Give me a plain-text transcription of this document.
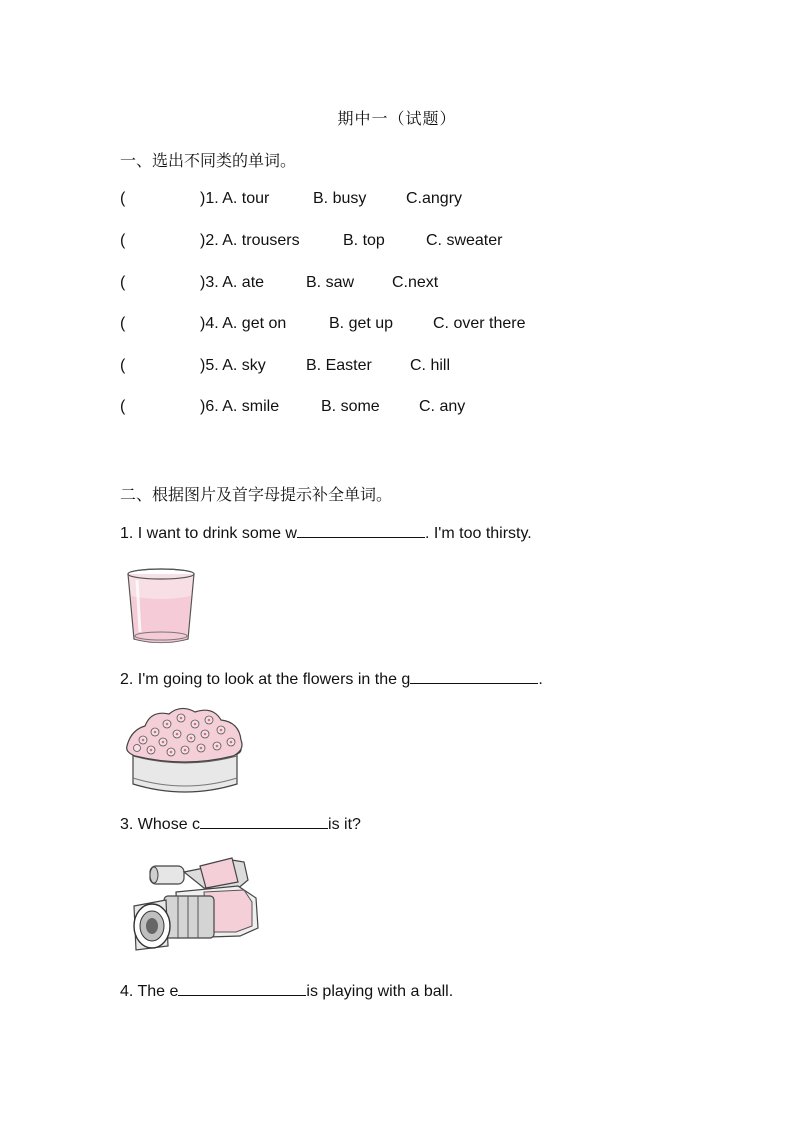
期中一（试题）
一、选出不同类的单词。
(	)1. A. tour	B. busy C.angry
(	)2. A. trousers	B. top	C. sweater
(	)3. A. ate	B. saw C.next
(	)4. A. get on	B. get up C. over there
(	)5. A. sky	B. Easter C. hill
(	)6. A. smile	B. some C. any
二、根据图片及首字母提示补全单词。
1. I want to drink some w	. I'm too thirsty.
2. I'm going to look at the flowers in the g	.
3. Whose c	is it?
4. The e	is playing with a ball.
